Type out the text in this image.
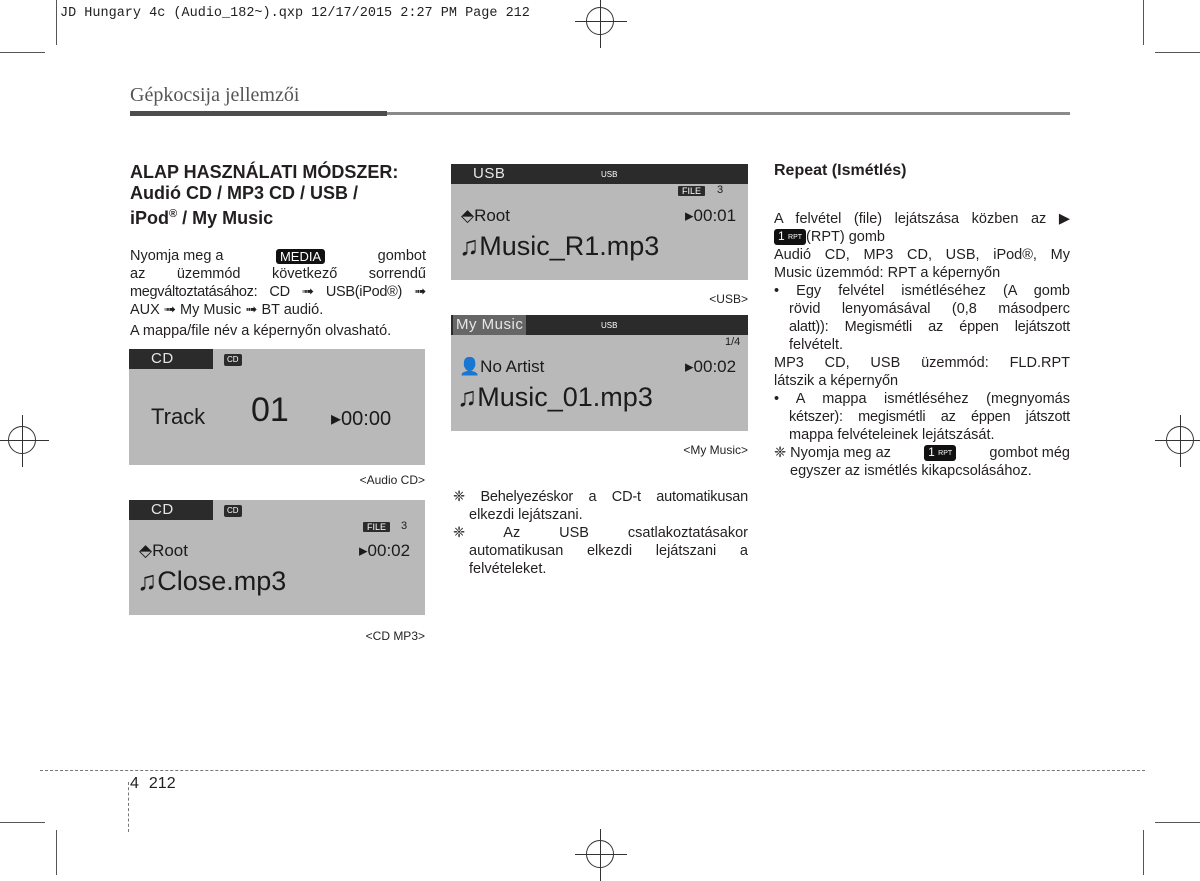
JD Hungary 4c (Audio_182~).qxp 12/17/2015 2:27 PM Page 212
Gépkocsija jellemzői
ALAP HASZNÁLATI MÓDSZER:
Audió CD / MP3 CD / USB /
iPod® / My Music
Nyomja meg a	MEDIA	gombot
az üzemmód következő sorrendű
megváltoztatásához: CD ➟ USB(iPod®) ➟
AUX ➟ My Music ➟ BT audió.
A mappa/file név a képernyőn olvasható.
CD	CD
Track 01 ▸00:00
<Audio CD>
CD	CD
FILE	3
⬘Root	▸00:02
♫Close.mp3
<CD MP3>
USB	USB
FILE	3
⬘Root	▸00:01
♫Music_R1.mp3
<USB>
My Music	USB
1/4
👤No Artist	▸00:02
♫Music_01.mp3
<My Music>
❈ Behelyezéskor a CD-t automatikusan
elkezdi lejátszani.
❈ Az USB csatlakoztatásakor
automatikusan elkezdi lejátszani a
felvételeket.
Repeat (Ismétlés)
A felvétel (file) lejátszása közben az ▶
1 RPT (RPT) gomb
Audió CD, MP3 CD, USB, iPod®, My
Music üzemmód: RPT a képernyőn
• Egy felvétel ismétléséhez (A gomb
rövid lenyomásával (0,8 másodperc
alatt)): Megismétli az éppen lejátszott
felvételt.
MP3 CD, USB üzemmód: FLD.RPT
látszik a képernyőn
• A mappa ismétléséhez (megnyomás
kétszer): megismétli az éppen játszott
mappa felvételeinek lejátszását.
❈ Nyomja meg az	1 RPT	gombot még
egyszer az ismétlés kikapcsolásához.
4 212
